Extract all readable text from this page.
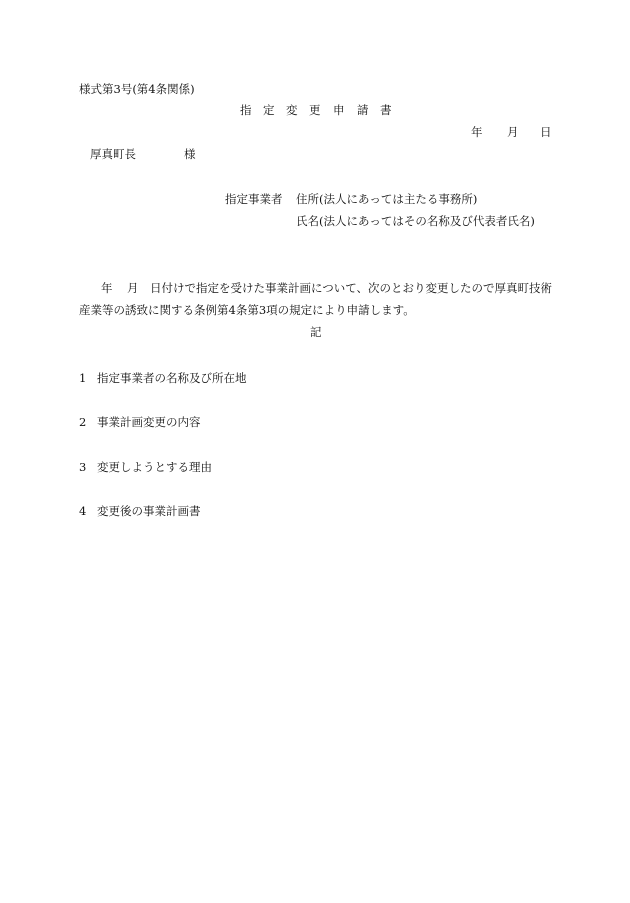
様式第3号(第4条関係)
指 定 変 更 申 請 書
年 月 日
厚真町長	様
指定事業者 住所(法人にあっては主たる事務所)
氏名(法人にあってはその名称及び代表者氏名)
年 月 日付けで指定を受けた事業計画について、次のとおり変更したので厚真町技術
産業等の誘致に関する条例第4条第3項の規定により申請します。
記
1 指定事業者の名称及び所在地
2 事業計画変更の内容
3 変更しようとする理由
4 変更後の事業計画書
